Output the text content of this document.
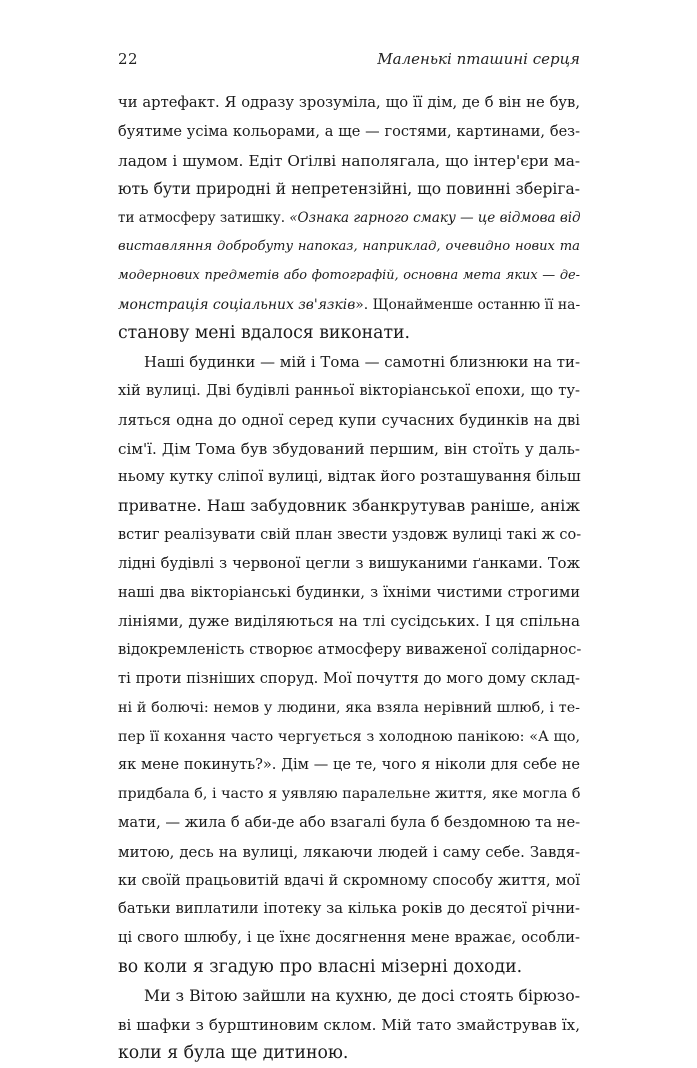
22	Маленькі пташині серця
чи артефакт. Я одразу зрозуміла, що її дім, де б він не був,
буятиме усіма кольорами, а ще — гостями, картинами, без-
ладом і шумом. Едіт Оґілві наполягала, що інтер'єри ма-
ють бути природні й непретензійні, що повинні зберіга-
ти атмосферу затишку. «Ознака гарного смаку — це відмова від
виставляння добробуту напоказ, наприклад, очевидно нових та
модернових предметів або фотографій, основна мета яких — де-
монстрація соціальних зв'язків». Щонайменше останню її на-
станову мені вдалося виконати.
Наші будинки — мій і Тома — самотні близнюки на ти-
хій вулиці. Дві будівлі ранньої вікторіанської епохи, що ту-
ляться одна до одної серед купи сучасних будинків на дві
сім'ї. Дім Тома був збудований першим, він стоїть у даль-
ньому кутку сліпої вулиці, відтак його розташування більш
приватне. Наш забудовник збанкрутував раніше, аніж
встиг реалізувати свій план звести уздовж вулиці такі ж со-
лідні будівлі з червоної цегли з вишуканими ґанками. Тож
наші два вікторіанські будинки, з їхніми чистими строгими
лініями, дуже виділяються на тлі сусідських. І ця спільна
відокремленість створює атмосферу виваженої солідарнос-
ті проти пізніших споруд. Мої почуття до мого дому склад-
ні й болючі: немов у людини, яка взяла нерівний шлюб, і те-
пер її кохання часто чергується з холодною панікою: «А що,
як мене покинуть?». Дім — це те, чого я ніколи для себе не
придбала б, і часто я уявляю паралельне життя, яке могла б
мати, — жила б аби-де або взагалі була б бездомною та не-
митою, десь на вулиці, лякаючи людей і саму себе. Завдя-
ки своїй працьовитій вдачі й скромному способу життя, мої
батьки виплатили іпотеку за кілька років до десятої річни-
ці свого шлюбу, і це їхнє досягнення мене вражає, особли-
во коли я згадую про власні мізерні доходи.
Ми з Вітою зайшли на кухню, де досі стоять бірюзо-
ві шафки з бурштиновим склом. Мій тато змайстрував їх,
коли я була ще дитиною.
